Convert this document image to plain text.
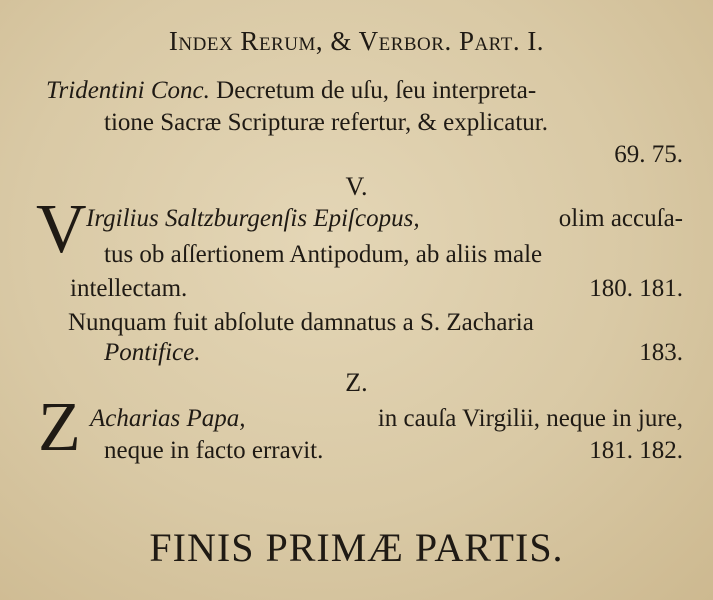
Index Rerum, & Verbor. Part. I.
Tridentini Conc. Decretum de uſu, ſeu interpreta-
tione Sacræ Scripturæ refertur, & explicatur.
69. 75.
V.
V Irgilius Saltzburgenſis Epiſcopus,	olim accuſa-
tus ob aſſertionem Antipodum, ab aliis male
intellectam.	180. 181.
Nunquam fuit abſolute damnatus a S. Zacharia
Pontifice.	183.
Z.
Z Acharias Papa,	in cauſa Virgilii, neque in jure,
neque in facto erravit.	181. 182.
FINIS PRIMÆ PARTIS.
